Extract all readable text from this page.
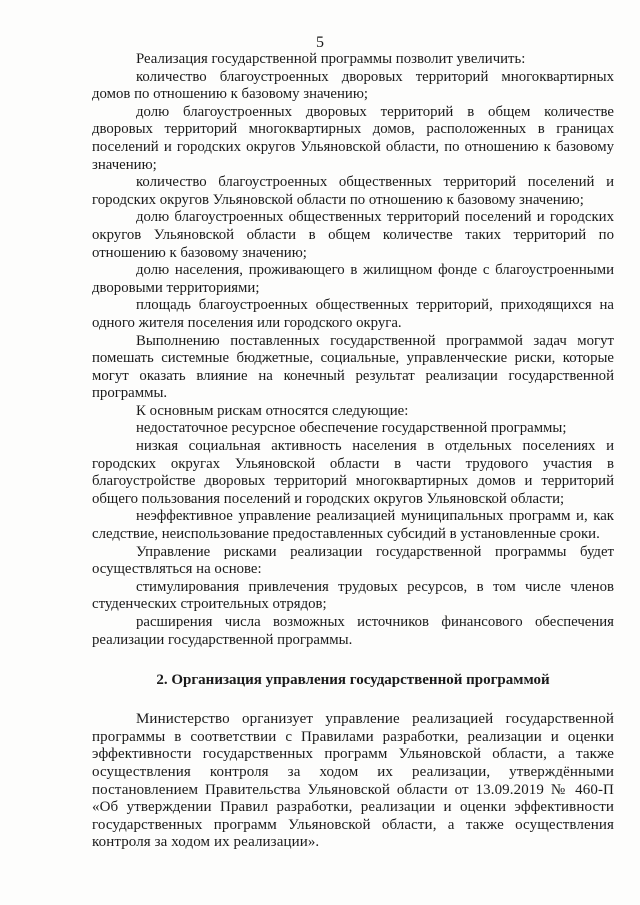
5

Реализация государственной программы позволит увеличить:

количество благоустроенных дворовых территорий многоквартирных домов по отношению к базовому значению;

долю благоустроенных дворовых территорий в общем количестве дворовых территорий многоквартирных домов, расположенных в границах поселений и городских округов Ульяновской области, по отношению к базовому значению;

количество благоустроенных общественных территорий поселений и городских округов Ульяновской области по отношению к базовому значению;

долю благоустроенных общественных территорий поселений и городских округов Ульяновской области в общем количестве таких территорий по отношению к базовому значению;

долю населения, проживающего в жилищном фонде с благоустроенными дворовыми территориями;

площадь благоустроенных общественных территорий, приходящихся на одного жителя поселения или городского округа.

Выполнению поставленных государственной программой задач могут помешать системные бюджетные, социальные, управленческие риски, которые могут оказать влияние на конечный результат реализации государственной программы.

К основным рискам относятся следующие:

недостаточное ресурсное обеспечение государственной программы;

низкая социальная активность населения в отдельных поселениях и городских округах Ульяновской области в части трудового участия в благоустройстве дворовых территорий многоквартирных домов и территорий общего пользования поселений и городских округов Ульяновской области;

неэффективное управление реализацией муниципальных программ и, как следствие, неиспользование предоставленных субсидий в установленные сроки.

Управление рисками реализации государственной программы будет осуществляться на основе:

стимулирования привлечения трудовых ресурсов, в том числе членов студенческих строительных отрядов;

расширения числа возможных источников финансового обеспечения реализации государственной программы.

2. Организация управления государственной программой

Министерство организует управление реализацией государственной программы в соответствии с Правилами разработки, реализации и оценки эффективности государственных программ Ульяновской области, а также осуществления контроля за ходом их реализации, утверждёнными постановлением Правительства Ульяновской области от 13.09.2019 № 460-П «Об утверждении Правил разработки, реализации и оценки эффективности государственных программ Ульяновской области, а также осуществления контроля за ходом их реализации».
